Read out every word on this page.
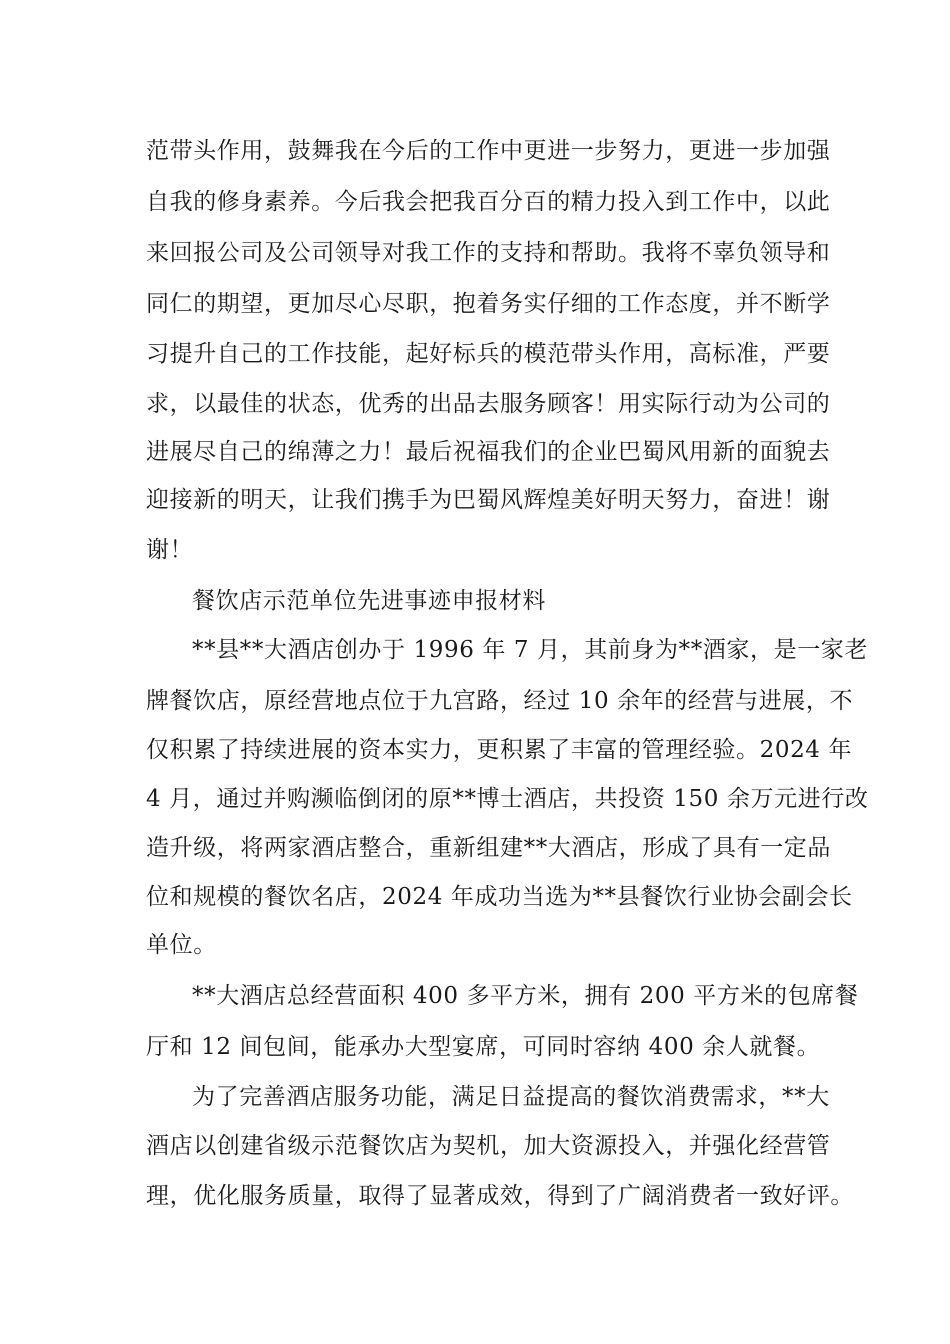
范带头作用，鼓舞我在今后的工作中更进一步努力，更进一步加强
自我的修身素养。今后我会把我百分百的精力投入到工作中，以此
来回报公司及公司领导对我工作的支持和帮助。我将不辜负领导和
同仁的期望，更加尽心尽职，抱着务实仔细的工作态度，并不断学
习提升自己的工作技能，起好标兵的模范带头作用，高标准，严要
求，以最佳的状态，优秀的出品去服务顾客！用实际行动为公司的
进展尽自己的绵薄之力！最后祝福我们的企业巴蜀风用新的面貌去
迎接新的明天，让我们携手为巴蜀风辉煌美好明天努力，奋进！谢
谢！
餐饮店示范单位先进事迹申报材料
**县**大酒店创办于 1996 年 7 月，其前身为**酒家，是一家老
牌餐饮店，原经营地点位于九宫路，经过 10 余年的经营与进展，不
仅积累了持续进展的资本实力，更积累了丰富的管理经验。2024 年
4 月，通过并购濒临倒闭的原**博士酒店，共投资 150 余万元进行改
造升级，将两家酒店整合，重新组建**大酒店，形成了具有一定品
位和规模的餐饮名店，2024 年成功当选为**县餐饮行业协会副会长
单位。
**大酒店总经营面积 400 多平方米，拥有 200 平方米的包席餐
厅和 12 间包间，能承办大型宴席，可同时容纳 400 余人就餐。
为了完善酒店服务功能，满足日益提高的餐饮消费需求，**大
酒店以创建省级示范餐饮店为契机，加大资源投入，并强化经营管
理，优化服务质量，取得了显著成效，得到了广阔消费者一致好评。
